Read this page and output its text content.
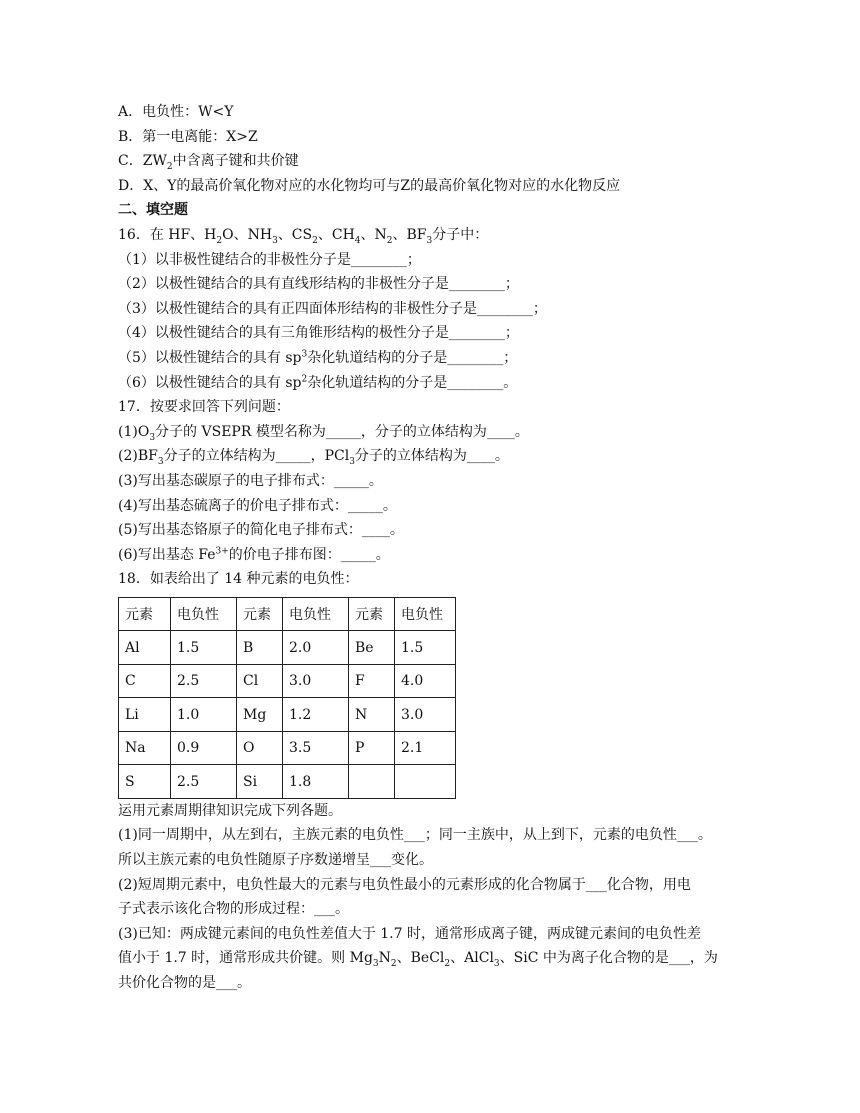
A．电负性：W<Y
B．第一电离能：X>Z
C．$ZW_2$中含离子键和共价键
D．X、Y的最高价氧化物对应的水化物均可与Z的最高价氧化物对应的水化物反应
二、填空题
16．在 HF、$H_2O$、$NH_3$、$CS_2$、$CH_4$、$N_2$、$BF_3$分子中：
（1）以非极性键结合的非极性分子是________；
（2）以极性键结合的具有直线形结构的非极性分子是________；
（3）以极性键结合的具有正四面体形结构的非极性分子是________；
（4）以极性键结合的具有三角锥形结构的极性分子是________；
（5）以极性键结合的具有 $sp^3$杂化轨道结构的分子是________；
（6）以极性键结合的具有 $sp^2$杂化轨道结构的分子是________。
17．按要求回答下列问题：
$(1)O_3$分子的 VSEPR 模型名称为_____，分子的立体结构为____。
$(2)BF_3$分子的立体结构为_____，PCl$_3$分子的立体结构为____。
(3)写出基态碳原子的电子排布式：_____。
(4)写出基态硫离子的价电子排布式：_____。
(5)写出基态铬原子的简化电子排布式：____。
(6)写出基态 $Fe^{3+}$的价电子排布图：_____。
18．如表给出了 14 种元素的电负性：
元素	电负性	元素	电负性	元素	电负性
Al	1.5	B	2.0	Be	1.5
C	2.5	Cl	3.0	F	4.0
Li	1.0	Mg	1.2	N	3.0
Na	0.9	O	3.5	P	2.1
S	2.5	Si	1.8		
运用元素周期律知识完成下列各题。
(1)同一周期中，从左到右，主族元素的电负性___；同一主族中，从上到下，元素的电负性___。
所以主族元素的电负性随原子序数递增呈___变化。
(2)短周期元素中，电负性最大的元素与电负性最小的元素形成的化合物属于___化合物，用电
子式表示该化合物的形成过程：___。
(3)已知：两成键元素间的电负性差值大于 1.7 时，通常形成离子键，两成键元素间的电负性差
值小于 1.7 时，通常形成共价键。则 $Mg_3N_2$、BeCl$_2$、AlCl$_3$、SiC 中为离子化合物的是___，为
共价化合物的是___。
